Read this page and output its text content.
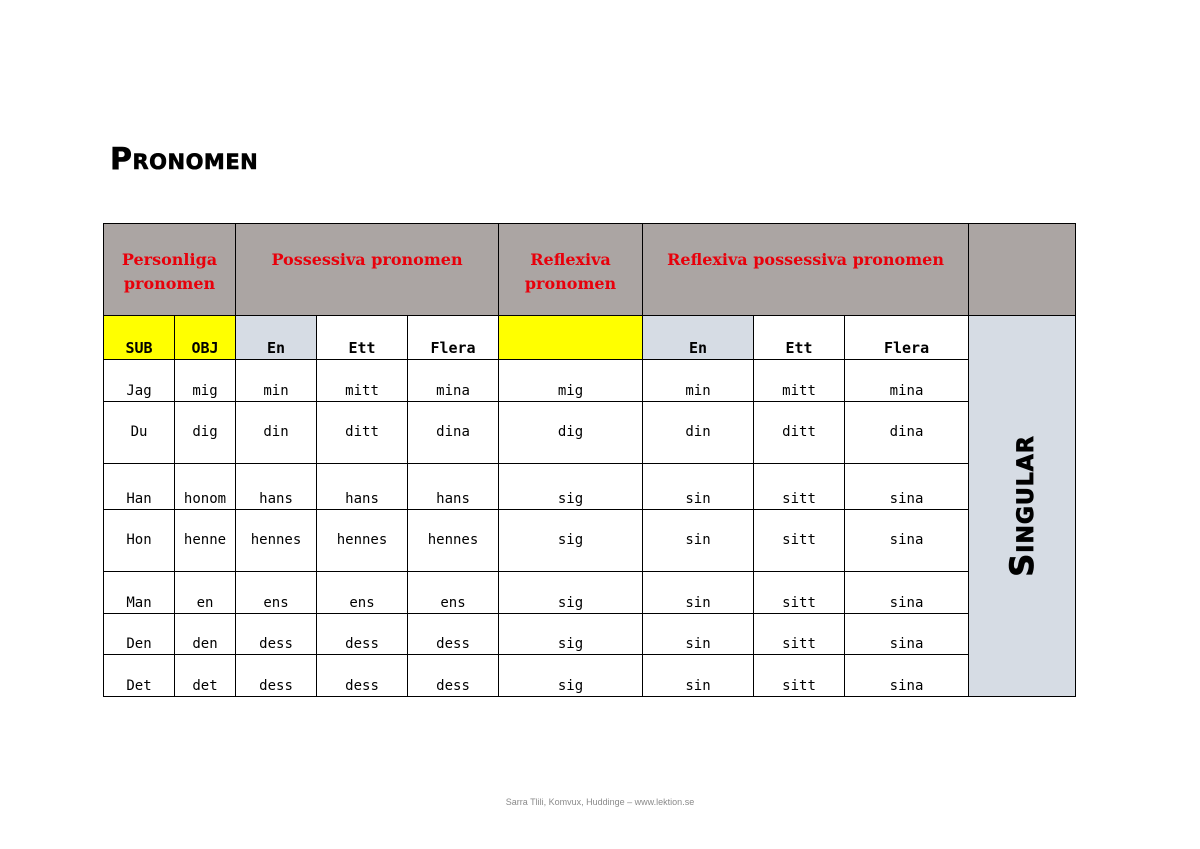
Pronomen
Personliga pronomen		Possessiva pronomen			Reflexiva pronomen	Reflexiva possessiva pronomen			
SUB	OBJ	En	Ett	Flera		En	Ett	Flera	Singular

Jag	mig	min	mitt	mina	mig	min	mitt	mina	
Du	dig	din	ditt	dina	dig	din	ditt	dina	
Han	honom	hans	hans	hans	sig	sin	sitt	sina	
Hon	henne	hennes	hennes	hennes	sig	sin	sitt	sina	
Man	en	ens	ens	ens	sig	sin	sitt	sina	
Den	den	dess	dess	dess	sig	sin	sitt	sina	
Det	det	dess	dess	dess	sig	sin	sitt	sina	
Sarra Tlili, Komvux, Huddinge – www.lektion.se
